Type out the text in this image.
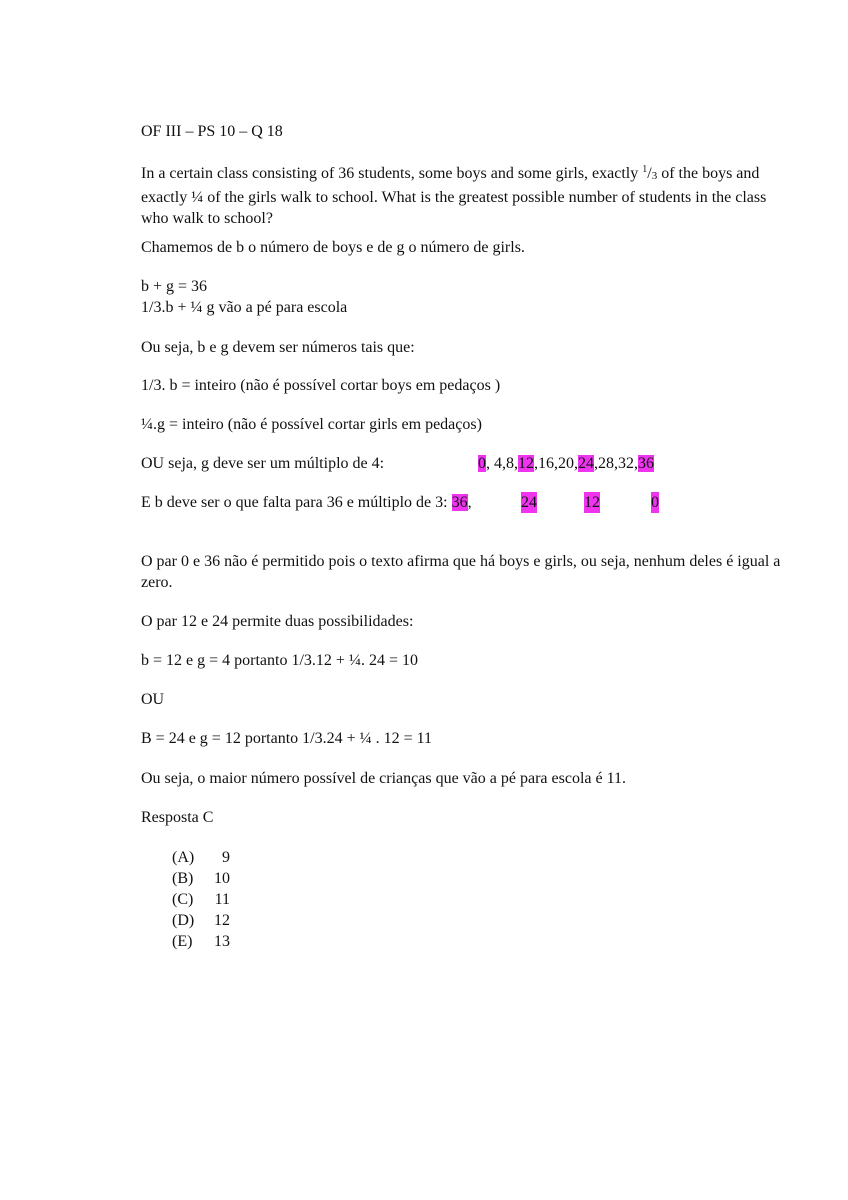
OF III – PS 10 – Q 18
In a certain class consisting of 36 students, some boys and some girls, exactly $^1$/3 of the boys and exactly ¼ of the girls walk to school. What is the greatest possible number of students in the class who walk to school?
Chamemos de b o número de boys e de g o número de girls.
b + g = 36
1/3.b + ¼ g vão a pé para escola
Ou seja, b e g devem ser números tais que:
1/3. b = inteiro (não é possível cortar boys em pedaços )
¼.g = inteiro (não é possível cortar girls em pedaços)
OU seja, g deve ser um múltiplo de 4:	0, 4,8,12,16,20,24,28,32,36
E b deve ser o que falta para 36 e múltiplo de 3: 36,	24	12	0
O par 0 e 36 não é permitido pois o texto afirma que há boys e girls, ou seja, nenhum deles é igual a zero.
O par 12 e 24 permite duas possibilidades:
b = 12 e g = 4 portanto 1/3.12 + ¼. 24 = 10
OU
B = 24 e g = 12 portanto 1/3.24 + ¼ . 12 = 11
Ou seja, o maior número possível de crianças que vão a pé para escola é 11.
Resposta C
(A)	9
(B)	10
(C)	11
(D)	12
(E)	13
